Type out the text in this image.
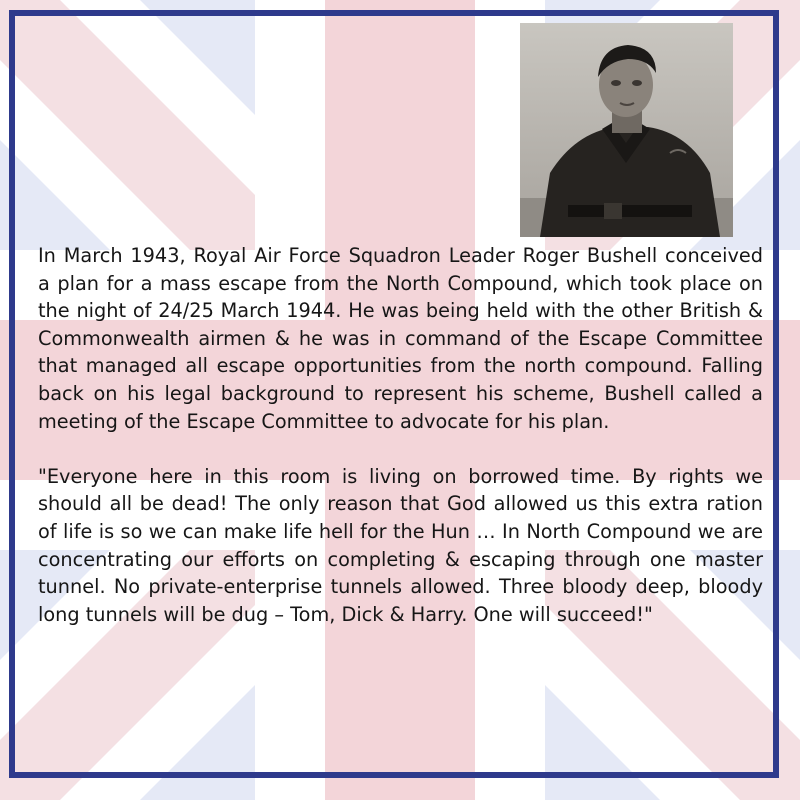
In March 1943, Royal Air Force Squadron Leader Roger Bushell conceived a plan for a mass escape from the North Compound, which took place on the night of 24/25 March 1944. He was being held with the other British & Commonwealth airmen & he was in command of the Escape Committee that managed all escape opportunities from the north compound. Falling back on his legal background to represent his scheme, Bushell called a meeting of the Escape Committee to advocate for his plan.

"Everyone here in this room is living on borrowed time. By rights we should all be dead! The only reason that God allowed us this extra ration of life is so we can make life hell for the Hun … In North Compound we are concentrating our efforts on completing & escaping through one master tunnel. No private-enterprise tunnels allowed. Three bloody deep, bloody long tunnels will be dug – Tom, Dick & Harry. One will succeed!"
